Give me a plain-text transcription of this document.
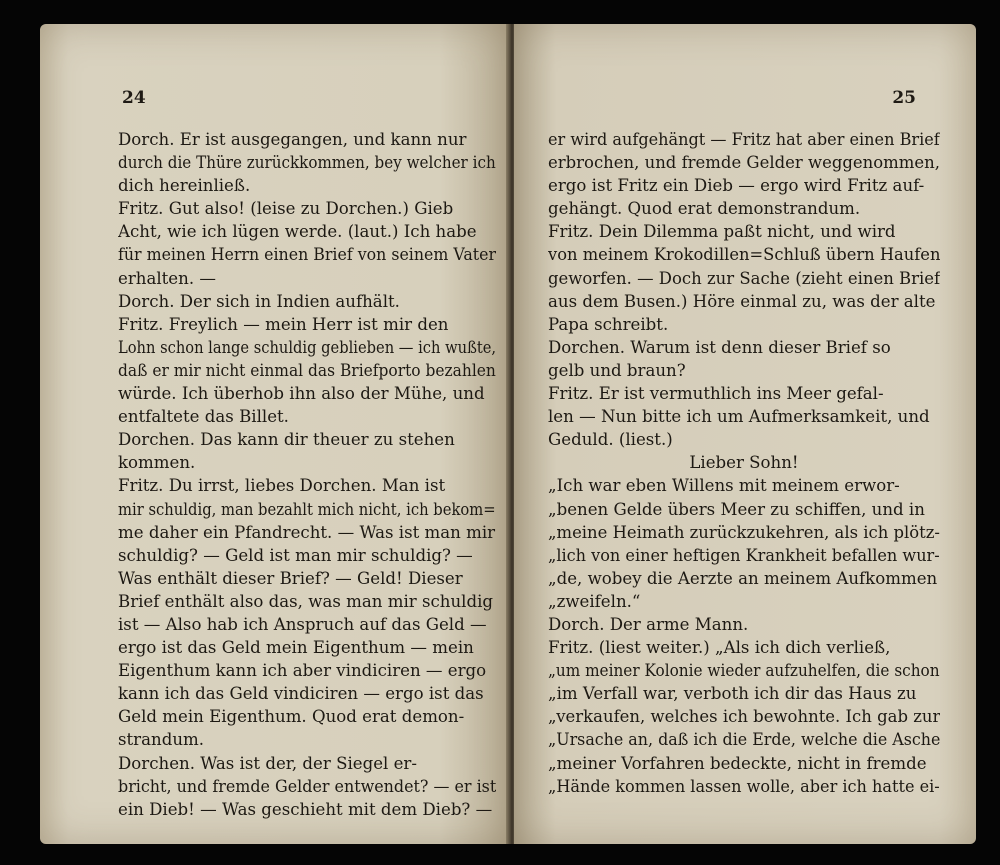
24
Dorch. Er ist ausgegangen, und kann nur
durch die Thüre zurückkommen, bey welcher ich
dich hereinließ.
Fritz. Gut also! (leise zu Dorchen.) Gieb
Acht, wie ich lügen werde. (laut.) Ich habe
für meinen Herrn einen Brief von seinem Vater
erhalten. —
Dorch. Der sich in Indien aufhält.
Fritz. Freylich — mein Herr ist mir den
Lohn schon lange schuldig geblieben — ich wußte,
daß er mir nicht einmal das Briefporto bezahlen
würde. Ich überhob ihn also der Mühe, und
entfaltete das Billet.
Dorchen. Das kann dir theuer zu stehen
kommen.
Fritz. Du irrst, liebes Dorchen. Man ist
mir schuldig, man bezahlt mich nicht, ich bekom=
me daher ein Pfandrecht. — Was ist man mir
schuldig? — Geld ist man mir schuldig? —
Was enthält dieser Brief? — Geld! Dieser
Brief enthält also das, was man mir schuldig
ist — Also hab ich Anspruch auf das Geld —
ergo ist das Geld mein Eigenthum — mein
Eigenthum kann ich aber vindiciren — ergo
kann ich das Geld vindiciren — ergo ist das
Geld mein Eigenthum. Quod erat demon-
strandum.
Dorchen. Was ist der, der Siegel er-
bricht, und fremde Gelder entwendet? — er ist
ein Dieb! — Was geschieht mit dem Dieb? —
25
er wird aufgehängt — Fritz hat aber einen Brief
erbrochen, und fremde Gelder weggenommen,
ergo ist Fritz ein Dieb — ergo wird Fritz auf-
gehängt. Quod erat demonstrandum.
Fritz. Dein Dilemma paßt nicht, und wird
von meinem Krokodillen=Schluß übern Haufen
geworfen. — Doch zur Sache (zieht einen Brief
aus dem Busen.) Höre einmal zu, was der alte
Papa schreibt.
Dorchen. Warum ist denn dieser Brief so
gelb und braun?
Fritz. Er ist vermuthlich ins Meer gefal-
len — Nun bitte ich um Aufmerksamkeit, und
Geduld. (liest.)
Lieber Sohn!
„Ich war eben Willens mit meinem erwor-
„benen Gelde übers Meer zu schiffen, und in
„meine Heimath zurückzukehren, als ich plötz-
„lich von einer heftigen Krankheit befallen wur-
„de, wobey die Aerzte an meinem Aufkommen
„zweifeln.“
Dorch. Der arme Mann.
Fritz. (liest weiter.) „Als ich dich verließ,
„um meiner Kolonie wieder aufzuhelfen, die schon
„im Verfall war, verboth ich dir das Haus zu
„verkaufen, welches ich bewohnte. Ich gab zur
„Ursache an, daß ich die Erde, welche die Asche
„meiner Vorfahren bedeckte, nicht in fremde
„Hände kommen lassen wolle, aber ich hatte ei-
